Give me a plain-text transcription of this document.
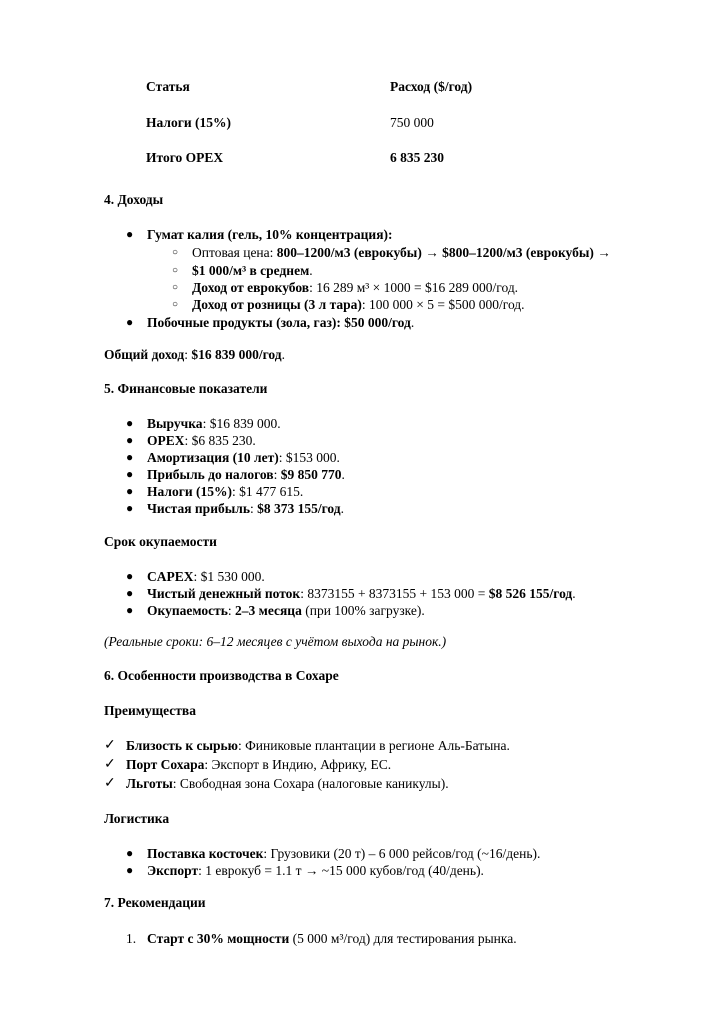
Статья	Расход ($/год)
Налоги (15%)	750 000
Итого OPEX	6 835 230
4. Доходы
● Гумат калия (гель, 10% концентрация):
○ Оптовая цена: 800–1200/м3 (еврокубы) → $800–1200/м3 (еврокубы) →
○ $1 000/м³ в среднем.
○ Доход от еврокубов: 16 289 м³ × 1000 = $16 289 000/год.
○ Доход от розницы (3 л тара): 100 000 × 5 = $500 000/год.
● Побочные продукты (зола, газ): $50 000/год.
Общий доход: $16 839 000/год.
5. Финансовые показатели
● Выручка: $16 839 000.
● OPEX: $6 835 230.
● Амортизация (10 лет): $153 000.
● Прибыль до налогов: $9 850 770.
● Налоги (15%): $1 477 615.
● Чистая прибыль: $8 373 155/год.
Срок окупаемости
● CAPEX: $1 530 000.
● Чистый денежный поток: 8373155 + 8373155 + 153 000 = $8 526 155/год.
● Окупаемость: 2–3 месяца (при 100% загрузке).
(Реальные сроки: 6–12 месяцев с учётом выхода на рынок.)
6. Особенности производства в Сохаре
Преимущества
✓ Близость к сырью: Финиковые плантации в регионе Аль-Батына.
✓ Порт Сохара: Экспорт в Индию, Африку, ЕС.
✓ Льготы: Свободная зона Сохара (налоговые каникулы).
Логистика
● Поставка косточек: Грузовики (20 т) – 6 000 рейсов/год (~16/день).
● Экспорт: 1 еврокуб = 1.1 т → ~15 000 кубов/год (40/день).
7. Рекомендации
1. Старт с 30% мощности (5 000 м³/год) для тестирования рынка.
